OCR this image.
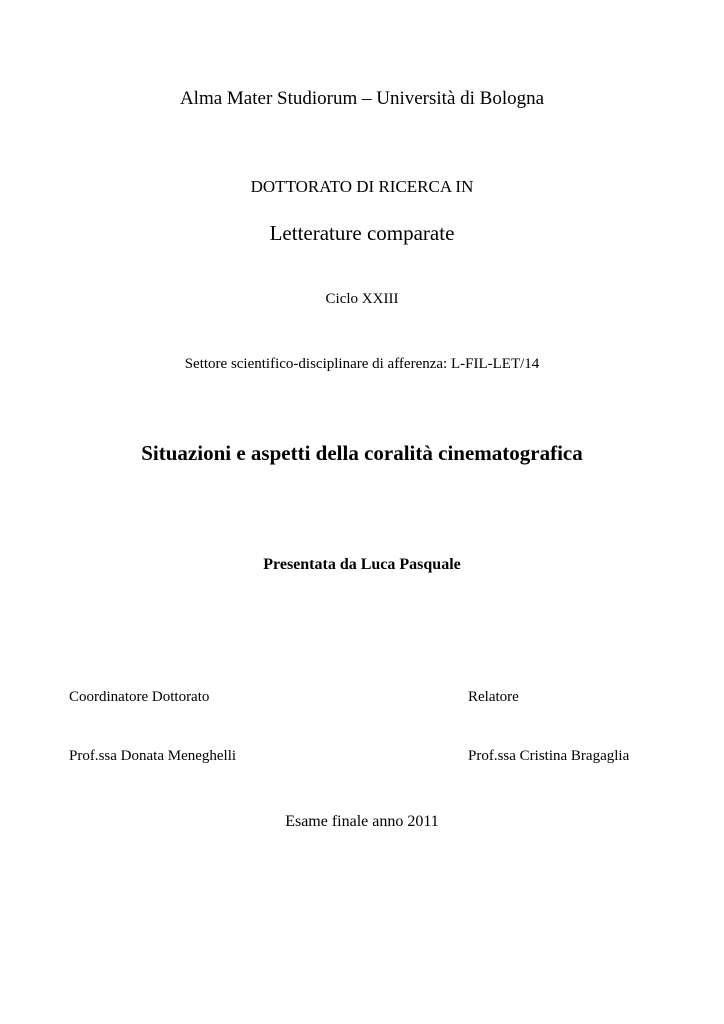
Alma Mater Studiorum – Università di Bologna
DOTTORATO DI RICERCA IN
Letterature comparate
Ciclo XXIII
Settore scientifico-disciplinare di afferenza: L-FIL-LET/14
Situazioni e aspetti della coralità cinematografica
Presentata da Luca Pasquale
Coordinatore Dottorato	Relatore
Prof.ssa Donata Meneghelli	Prof.ssa Cristina Bragaglia
Esame finale anno 2011
